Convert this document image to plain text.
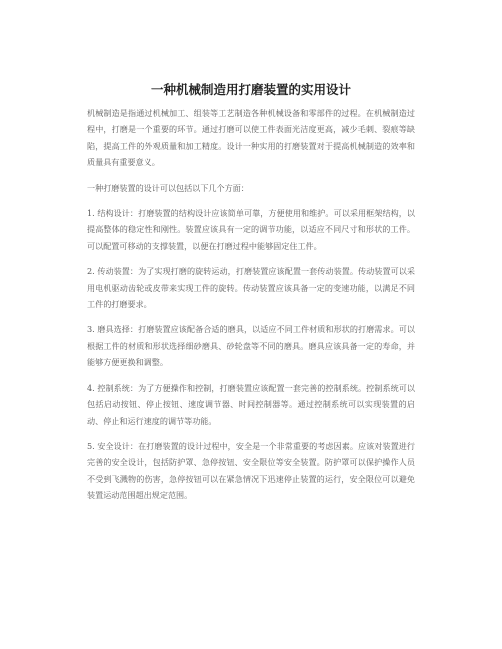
一种机械制造用打磨装置的实用设计

机械制造是指通过机械加工、组装等工艺制造各种机械设备和零部件的过程。在机械制造过程中，打磨是一个重要的环节。通过打磨可以使工件表面光洁度更高，减少毛刺、裂痕等缺陷，提高工件的外观质量和加工精度。设计一种实用的打磨装置对于提高机械制造的效率和质量具有重要意义。

一种打磨装置的设计可以包括以下几个方面：

1. 结构设计：打磨装置的结构设计应该简单可靠，方便使用和维护。可以采用框架结构，以提高整体的稳定性和刚性。装置应该具有一定的调节功能，以适应不同尺寸和形状的工件。可以配置可移动的支撑装置，以便在打磨过程中能够固定住工件。

2. 传动装置：为了实现打磨的旋转运动，打磨装置应该配置一套传动装置。传动装置可以采用电机驱动齿轮或皮带来实现工件的旋转。传动装置应该具备一定的变速功能，以满足不同工件的打磨要求。

3. 磨具选择：打磨装置应该配备合适的磨具，以适应不同工件材质和形状的打磨需求。可以根据工件的材质和形状选择细砂磨具、砂轮盘等不同的磨具。磨具应该具备一定的寿命，并能够方便更换和调整。

4. 控制系统：为了方便操作和控制，打磨装置应该配置一套完善的控制系统。控制系统可以包括启动按钮、停止按钮、速度调节器、时间控制器等。通过控制系统可以实现装置的启动、停止和运行速度的调节等功能。

5. 安全设计：在打磨装置的设计过程中，安全是一个非常重要的考虑因素。应该对装置进行完善的安全设计，包括防护罩、急停按钮、安全限位等安全装置。防护罩可以保护操作人员不受到飞溅物的伤害，急停按钮可以在紧急情况下迅速停止装置的运行，安全限位可以避免装置运动范围超出规定范围。
